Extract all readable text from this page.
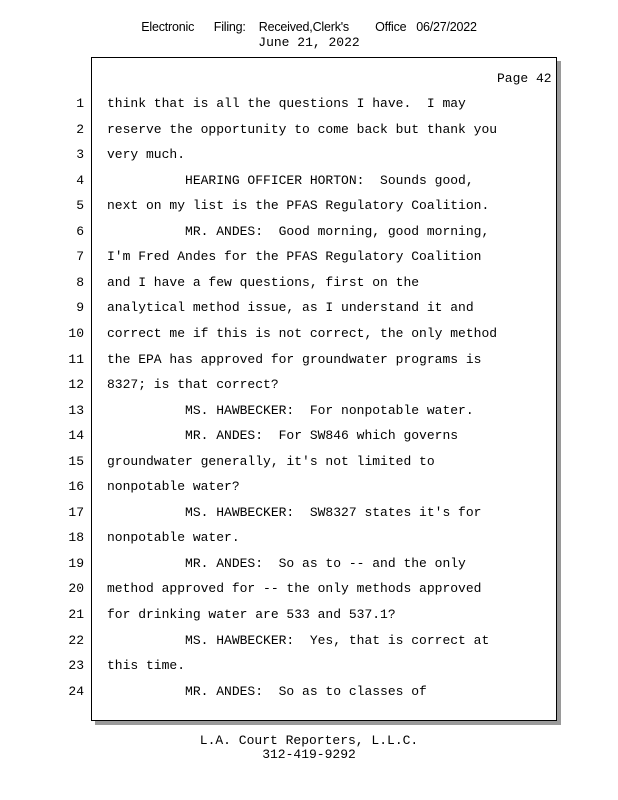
Electronic      Filing:    Received,Clerk's        Office   06/27/2022
June 21, 2022
Page 42
1 think that is all the questions I have.  I may
2 reserve the opportunity to come back but thank you
3 very much.
4 HEARING OFFICER HORTON:  Sounds good,
5 next on my list is the PFAS Regulatory Coalition.
6 MR. ANDES:  Good morning, good morning,
7 I'm Fred Andes for the PFAS Regulatory Coalition
8 and I have a few questions, first on the
9 analytical method issue, as I understand it and
10 correct me if this is not correct, the only method
11 the EPA has approved for groundwater programs is
12 8327; is that correct?
13 MS. HAWBECKER:  For nonpotable water.
14 MR. ANDES:  For SW846 which governs
15 groundwater generally, it's not limited to
16 nonpotable water?
17 MS. HAWBECKER:  SW8327 states it's for
18 nonpotable water.
19 MR. ANDES:  So as to -- and the only
20 method approved for -- the only methods approved
21 for drinking water are 533 and 537.1?
22 MS. HAWBECKER:  Yes, that is correct at
23 this time.
24 MR. ANDES:  So as to classes of
L.A. Court Reporters, L.L.C.
312-419-9292
